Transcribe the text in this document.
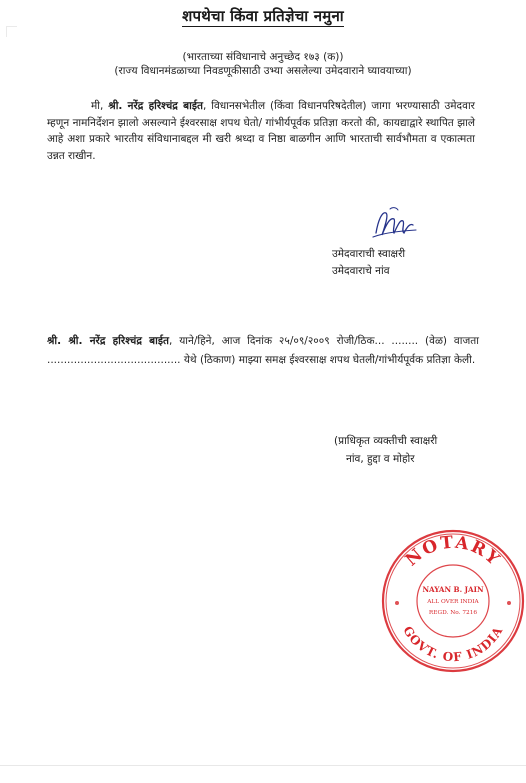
शपथेचा किंवा प्रतिज्ञेचा नमुना
(भारताच्या संविधानाचे अनुच्छेद १७३ (क))
(राज्य विधानमंडळाच्या निवडणूकीसाठी उभ्या असलेल्या उमेदवाराने घ्यावयाच्या)
मी, श्री. नरेंद्र हरिश्चंद्र बाईत, विधानसभेतील (किंवा विधानपरिषदेतील) जागा भरण्यासाठी उमेदवार म्हणून नामनिर्देशन झालो असल्याने ईश्वरसाक्ष शपथ घेतो/ गांभीर्यपूर्वक प्रतिज्ञा करतो की, कायद्याद्वारे स्थापित झाले आहे अशा प्रकारे भारतीय संविधानाबद्दल मी खरी श्रध्दा व निष्ठा बाळगीन आणि भारताची सार्वभौमता व एकात्मता उन्नत राखीन.
उमेदवाराची स्वाक्षरी
उमेदवाराचे नांव
श्री. श्री. नरेंद्र हरिश्चंद्र बाईत, याने/हिने, आज दिनांक २५/०९/२००९ रोजी/ठिक... ........ (वेळ) वाजता ........................................ येथे (ठिकाण) माझ्या समक्ष ईश्वरसाक्ष शपथ घेतली/गांभीर्यपूर्वक प्रतिज्ञा केली.
(प्राधिकृत व्यक्तीची स्वाक्षरी
नांव, हुद्दा व मोहोर
NOTARY
GOVT. OF INDIA
NAYAN B. JAIN
ALL OVER INDIA
REGD. No. 7216
